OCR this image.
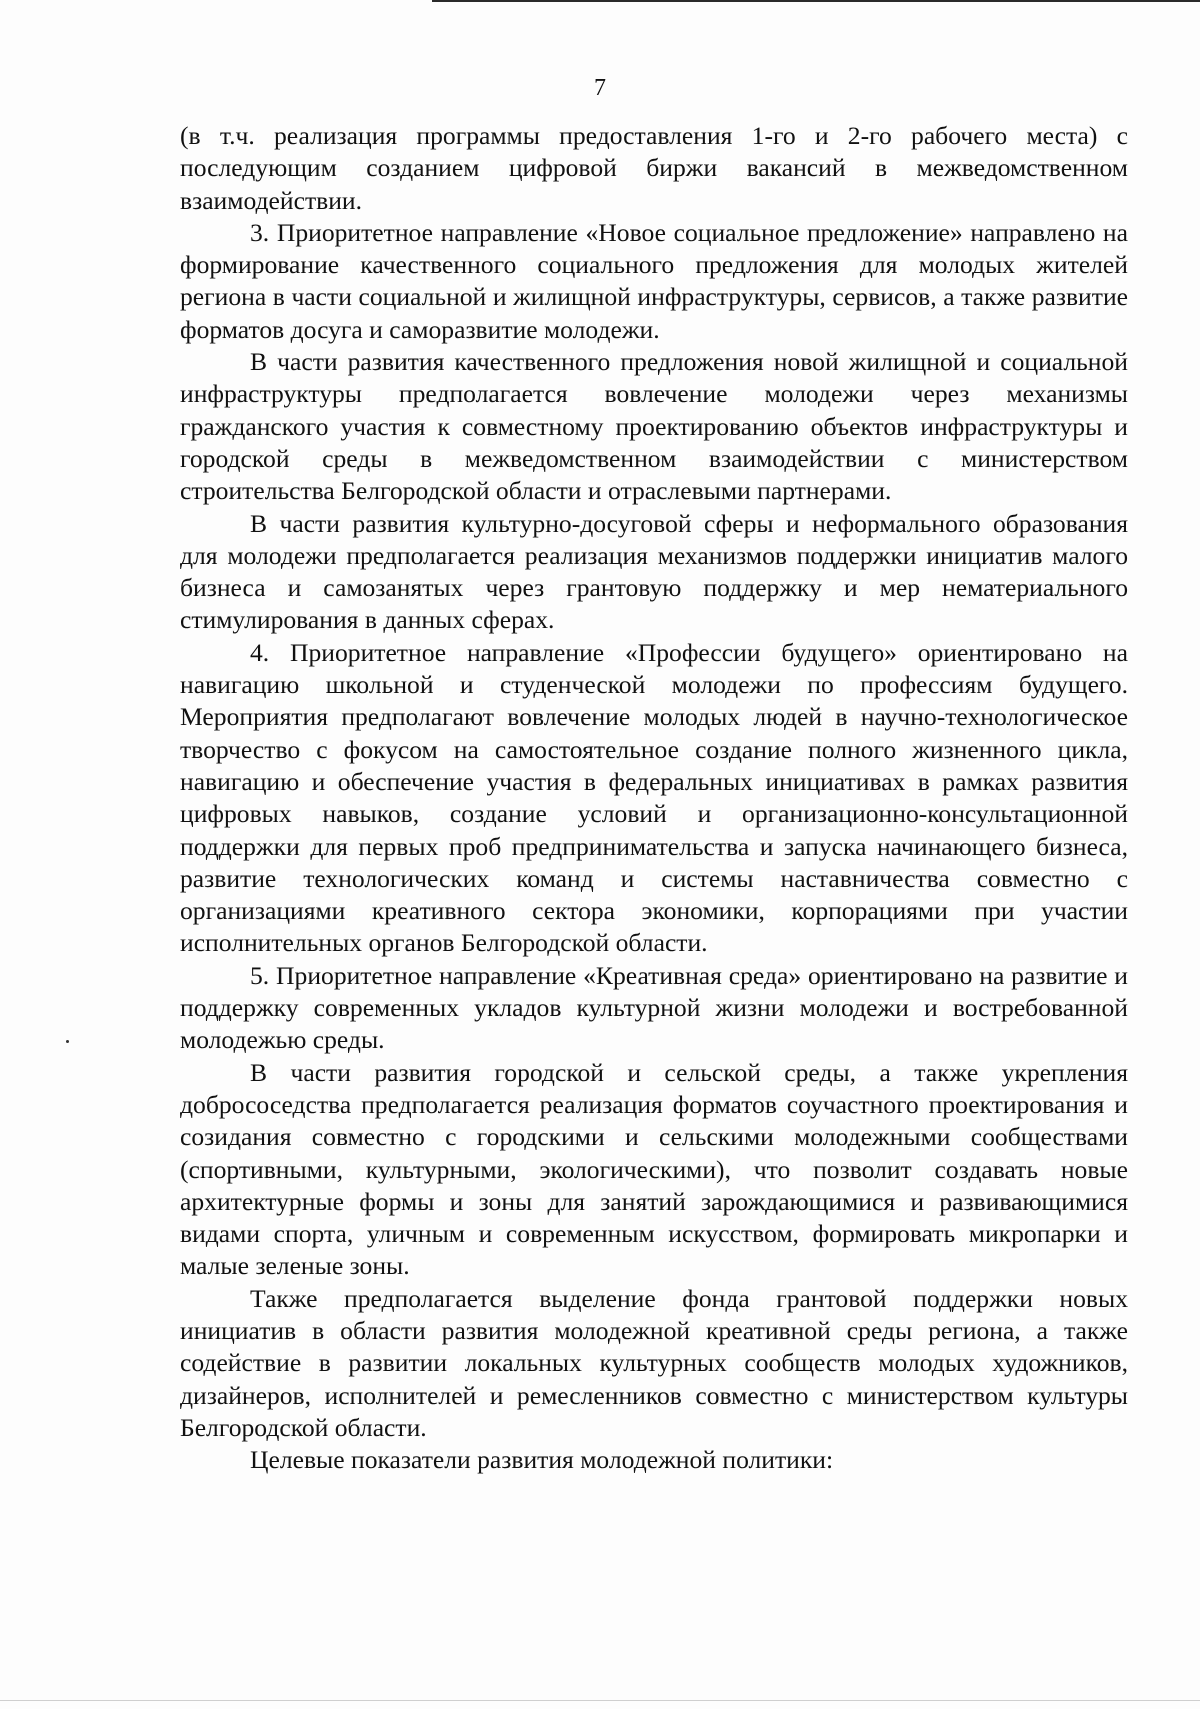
7

(в т.ч. реализация программы предоставления 1-го и 2-го рабочего места) с последующим созданием цифровой биржи вакансий в межведомственном взаимодействии.

3. Приоритетное направление «Новое социальное предложение» направлено на формирование качественного социального предложения для молодых жителей региона в части социальной и жилищной инфраструктуры, сервисов, а также развитие форматов досуга и саморазвитие молодежи.

В части развития качественного предложения новой жилищной и социальной инфраструктуры предполагается вовлечение молодежи через механизмы гражданского участия к совместному проектированию объектов инфраструктуры и городской среды в межведомственном взаимодействии с министерством строительства Белгородской области и отраслевыми партнерами.

В части развития культурно-досуговой сферы и неформального образования для молодежи предполагается реализация механизмов поддержки инициатив малого бизнеса и самозанятых через грантовую поддержку и мер нематериального стимулирования в данных сферах.

4. Приоритетное направление «Профессии будущего» ориентировано на навигацию школьной и студенческой молодежи по профессиям будущего. Мероприятия предполагают вовлечение молодых людей в научно-технологическое творчество с фокусом на самостоятельное создание полного жизненного цикла, навигацию и обеспечение участия в федеральных инициативах в рамках развития цифровых навыков, создание условий и организационно-консультационной поддержки для первых проб предпринимательства и запуска начинающего бизнеса, развитие технологических команд и системы наставничества совместно с организациями креативного сектора экономики, корпорациями при участии исполнительных органов Белгородской области.

5. Приоритетное направление «Креативная среда» ориентировано на развитие и поддержку современных укладов культурной жизни молодежи и востребованной молодежью среды.

В части развития городской и сельской среды, а также укрепления добрососедства предполагается реализация форматов соучастного проектирования и созидания совместно с городскими и сельскими молодежными сообществами (спортивными, культурными, экологическими), что позволит создавать новые архитектурные формы и зоны для занятий зарождающимися и развивающимися видами спорта, уличным и современным искусством, формировать микропарки и малые зеленые зоны.

Также предполагается выделение фонда грантовой поддержки новых инициатив в области развития молодежной креативной среды региона, а также содействие в развитии локальных культурных сообществ молодых художников, дизайнеров, исполнителей и ремесленников совместно с министерством культуры Белгородской области.

Целевые показатели развития молодежной политики:
